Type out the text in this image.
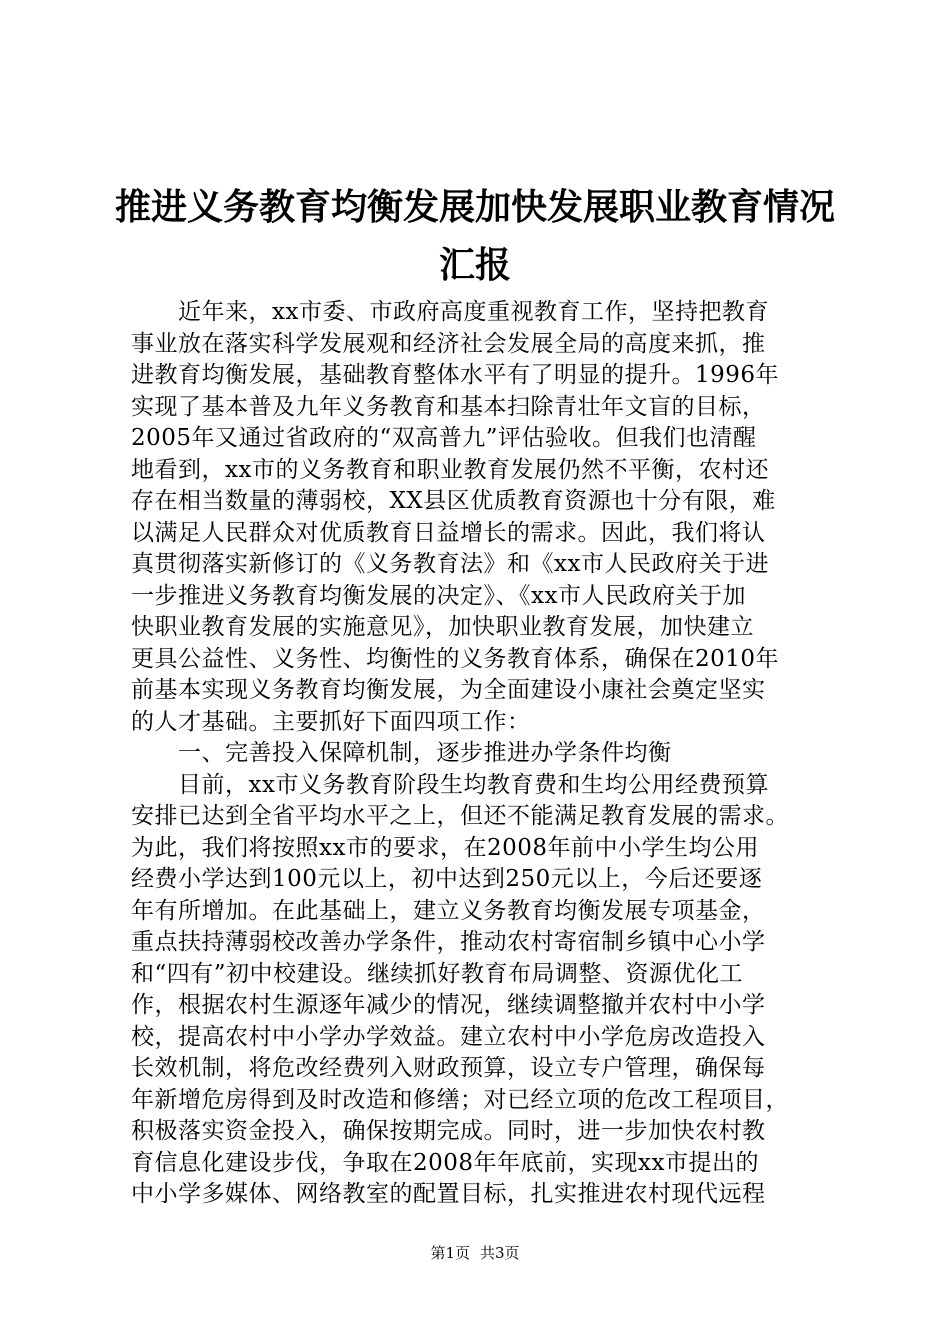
推进义务教育均衡发展加快发展职业教育情况
汇报
　　近年来，xx市委、市政府高度重视教育工作，坚持把教育
事业放在落实科学发展观和经济社会发展全局的高度来抓，推
进教育均衡发展，基础教育整体水平有了明显的提升。1996年
实现了基本普及九年义务教育和基本扫除青壮年文盲的目标，
2005年又通过省政府的“双高普九”评估验收。但我们也清醒
地看到，xx市的义务教育和职业教育发展仍然不平衡，农村还
存在相当数量的薄弱校，XX县区优质教育资源也十分有限，难
以满足人民群众对优质教育日益增长的需求。因此，我们将认
真贯彻落实新修订的《义务教育法》和《xx市人民政府关于进
一步推进义务教育均衡发展的决定》、《xx市人民政府关于加
快职业教育发展的实施意见》，加快职业教育发展，加快建立
更具公益性、义务性、均衡性的义务教育体系，确保在2010年
前基本实现义务教育均衡发展，为全面建设小康社会奠定坚实
的人才基础。主要抓好下面四项工作：
　　一、完善投入保障机制，逐步推进办学条件均衡
　　目前，xx市义务教育阶段生均教育费和生均公用经费预算
安排已达到全省平均水平之上，但还不能满足教育发展的需求。
为此，我们将按照xx市的要求，在2008年前中小学生均公用
经费小学达到100元以上，初中达到250元以上，今后还要逐
年有所增加。在此基础上，建立义务教育均衡发展专项基金，
重点扶持薄弱校改善办学条件，推动农村寄宿制乡镇中心小学
和“四有”初中校建设。继续抓好教育布局调整、资源优化工
作，根据农村生源逐年减少的情况，继续调整撤并农村中小学
校，提高农村中小学办学效益。建立农村中小学危房改造投入
长效机制，将危改经费列入财政预算，设立专户管理，确保每
年新增危房得到及时改造和修缮；对已经立项的危改工程项目，
积极落实资金投入，确保按期完成。同时，进一步加快农村教
育信息化建设步伐，争取在2008年年底前，实现xx市提出的
中小学多媒体、网络教室的配置目标，扎实推进农村现代远程
第1页 共3页
